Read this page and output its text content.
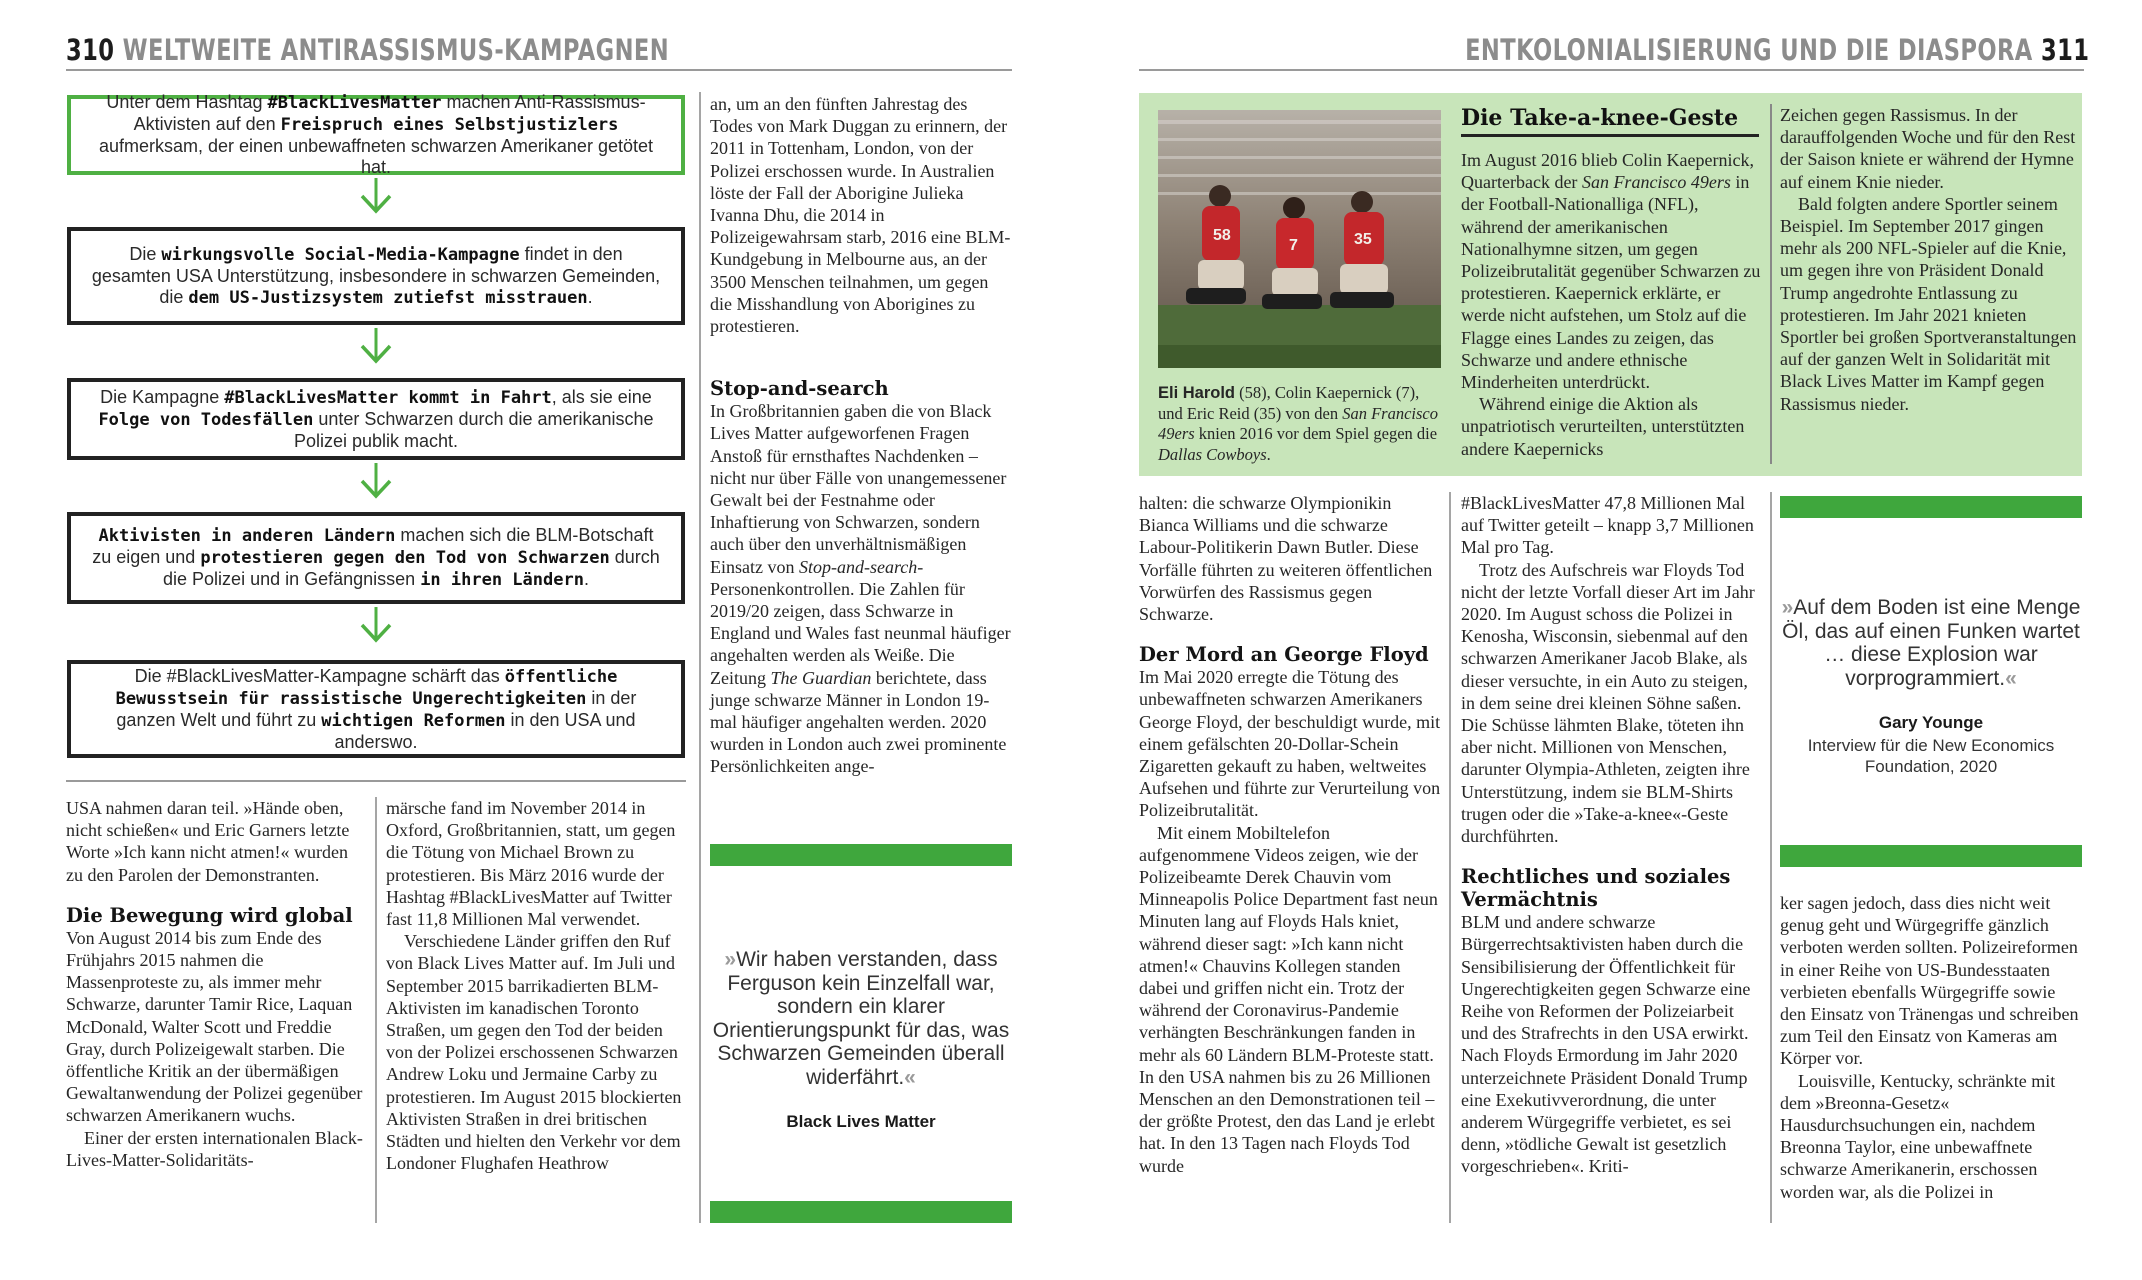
310 WELTWEITE ANTIRASSISMUS-KAMPAGNEN	ENTKOLONIALISIERUNG UND DIE DIASPORA 311
Unter dem Hashtag #BlackLivesMatter machen Anti-Rassismus-Aktivisten auf den Freispruch eines Selbstjustizlers aufmerksam, der einen unbewaffneten schwarzen Amerikaner getötet hat.
Die wirkungsvolle Social-Media-Kampagne findet in den gesamten USA Unterstützung, insbesondere in schwarzen Gemeinden, die dem US-Justizsystem zutiefst misstrauen.
Die Kampagne #BlackLivesMatter kommt in Fahrt, als sie eine Folge von Todesfällen unter Schwarzen durch die amerikanische Polizei publik macht.
Aktivisten in anderen Ländern machen sich die BLM-Botschaft zu eigen und protestieren gegen den Tod von Schwarzen durch die Polizei und in Gefängnissen in ihren Ländern.
Die #BlackLivesMatter-Kampagne schärft das öffentliche Bewusstsein für rassistische Ungerechtigkeiten in der ganzen Welt und führt zu wichtigen Reformen in den USA und anderswo.

USA nahmen daran teil. »Hände oben, nicht schießen« und Eric Garners letzte Worte »Ich kann nicht atmen!« wurden zu den Parolen der Demonstranten.

Die Bewegung wird global

Von August 2014 bis zum Ende des Frühjahrs 2015 nahmen die Massenproteste zu, als immer mehr Schwarze, darunter Tamir Rice, Laquan McDonald, Walter Scott und Freddie Gray, durch Polizeigewalt starben. Die öffentliche Kritik an der übermäßigen Gewaltanwendung der Polizei gegenüber schwarzen Amerikanern wuchs.

Einer der ersten internationalen Black-Lives-Matter-Solidaritäts-

märsche fand im November 2014 in Oxford, Großbritannien, statt, um gegen die Tötung von Michael Brown zu protestieren. Bis März 2016 wurde der Hashtag #BlackLivesMatter auf Twitter fast 11,8 Millionen Mal verwendet.

Verschiedene Länder griffen den Ruf von Black Lives Matter auf. Im Juli und September 2015 barrikadierten BLM-Aktivisten im kanadischen Toronto Straßen, um gegen den Tod der beiden von der Polizei erschossenen Schwarzen Andrew Loku und Jermaine Carby zu protestieren. Im August 2015 blockierten Aktivisten Straßen in drei britischen Städten und hielten den Verkehr vor dem Londoner Flughafen Heathrow

an, um an den fünften Jahrestag des Todes von Mark Duggan zu erinnern, der 2011 in Tottenham, London, von der Polizei erschossen wurde. In Australien löste der Fall der Aborigine Julieka Ivanna Dhu, die 2014 in Polizeigewahrsam starb, 2016 eine BLM-Kundgebung in Melbourne aus, an der 3500 Menschen teilnahmen, um gegen die Misshandlung von Aborigines zu protestieren.

Stop-and-search

In Großbritannien gaben die von Black Lives Matter aufgeworfenen Fragen Anstoß für ernsthaftes Nachdenken – nicht nur über Fälle von unangemessener Gewalt bei der Festnahme oder Inhaftierung von Schwarzen, sondern auch über den unverhältnismäßigen Einsatz von Stop-and-search-Personenkontrollen. Die Zahlen für 2019/20 zeigen, dass Schwarze in England und Wales fast neunmal häufiger angehalten werden als Weiße. Die Zeitung The Guardian berichtete, dass junge schwarze Männer in London 19-mal häufiger angehalten werden. 2020 wurden in London auch zwei prominente Persönlichkeiten ange-

»Wir haben verstanden, dass Ferguson kein Einzelfall war, sondern ein klarer Orientierungspunkt für das, was Schwarzen Gemeinden überall widerfährt.«
Black Lives Matter
58
7	35
Eli Harold (58), Colin Kaepernick (7), und Eric Reid (35) von den San Francisco 49ers knien 2016 vor dem Spiel gegen die Dallas Cowboys.
Die Take-a-knee-Geste

Im August 2016 blieb Colin Kaepernick, Quarterback der San Francisco 49ers in der Football-Nationalliga (NFL), während der amerikanischen Nationalhymne sitzen, um gegen Polizeibrutalität gegenüber Schwarzen zu protestieren. Kaepernick erklärte, er werde nicht aufstehen, um Stolz auf die Flagge eines Landes zu zeigen, das Schwarze und andere ethnische Minderheiten unterdrückt.

Während einige die Aktion als unpatriotisch verurteilten, unterstützten andere Kaepernicks

Zeichen gegen Rassismus. In der darauffolgenden Woche und für den Rest der Saison kniete er während der Hymne auf einem Knie nieder.

Bald folgten andere Sportler seinem Beispiel. Im September 2017 gingen mehr als 200 NFL-Spieler auf die Knie, um gegen ihre von Präsident Donald Trump angedrohte Entlassung zu protestieren. Im Jahr 2021 knieten Sportler bei großen Sportveranstaltungen auf der ganzen Welt in Solidarität mit Black Lives Matter im Kampf gegen Rassismus nieder.

halten: die schwarze Olympionikin Bianca Williams und die schwarze Labour-Politikerin Dawn Butler. Diese Vorfälle führten zu weiteren öffentlichen Vorwürfen des Rassismus gegen Schwarze.

Der Mord an George Floyd

Im Mai 2020 erregte die Tötung des unbewaffneten schwarzen Amerikaners George Floyd, der beschuldigt wurde, mit einem gefälschten 20-Dollar-Schein Zigaretten gekauft zu haben, weltweites Aufsehen und führte zur Verurteilung von Polizeibrutalität.

Mit einem Mobiltelefon aufgenommene Videos zeigen, wie der Polizeibeamte Derek Chauvin vom Minneapolis Police Department fast neun Minuten lang auf Floyds Hals kniet, während dieser sagt: »Ich kann nicht atmen!« Chauvins Kollegen standen dabei und griffen nicht ein. Trotz der während der Coronavirus-Pandemie verhängten Beschränkungen fanden in mehr als 60 Ländern BLM-Proteste statt. In den USA nahmen bis zu 26 Millionen Menschen an den Demonstrationen teil – der größte Protest, den das Land je erlebt hat. In den 13 Tagen nach Floyds Tod wurde

#BlackLivesMatter 47,8 Millionen Mal auf Twitter geteilt – knapp 3,7 Millionen Mal pro Tag.

Trotz des Aufschreis war Floyds Tod nicht der letzte Vorfall dieser Art im Jahr 2020. Im August schoss die Polizei in Kenosha, Wisconsin, siebenmal auf den schwarzen Amerikaner Jacob Blake, als dieser versuchte, in ein Auto zu steigen, in dem seine drei kleinen Söhne saßen. Die Schüsse lähmten Blake, töteten ihn aber nicht. Millionen von Menschen, darunter Olympia-Athleten, zeigten ihre Unterstützung, indem sie BLM-Shirts trugen oder die »Take-a-knee«-Geste durchführten.

Rechtliches und soziales Vermächtnis

BLM und andere schwarze Bürgerrechtsaktivisten haben durch die Sensibilisierung der Öffentlichkeit für Ungerechtigkeiten gegen Schwarze eine Reihe von Reformen der Polizeiarbeit und des Strafrechts in den USA erwirkt. Nach Floyds Ermordung im Jahr 2020 unterzeichnete Präsident Donald Trump eine Exekutivverordnung, die unter anderem Würgegriffe verbietet, es sei denn, »tödliche Gewalt ist gesetzlich vorgeschrieben«. Kriti-

»Auf dem Boden ist eine Menge Öl, das auf einen Funken wartet … diese Explosion war vorprogrammiert.«
Gary Younge
Interview für die New Economics Foundation, 2020

ker sagen jedoch, dass dies nicht weit genug geht und Würgegriffe gänzlich verboten werden sollten. Polizeireformen in einer Reihe von US-Bundesstaaten verbieten ebenfalls Würgegriffe sowie den Einsatz von Tränengas und schreiben zum Teil den Einsatz von Kameras am Körper vor.

Louisville, Kentucky, schränkte mit dem »Breonna-Gesetz« Hausdurchsuchungen ein, nachdem Breonna Taylor, eine unbewaffnete schwarze Amerikanerin, erschossen worden war, als die Polizei in
